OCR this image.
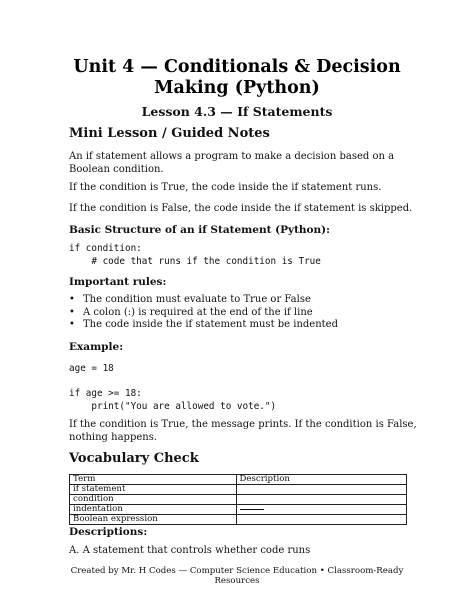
Unit 4 — Conditionals & Decision
Making (Python)
Lesson 4.3 — If Statements
Mini Lesson / Guided Notes
An if statement allows a program to make a decision based on a
Boolean condition.
If the condition is True, the code inside the if statement runs.
If the condition is False, the code inside the if statement is skipped.
Basic Structure of an if Statement (Python):
if condition:
# code that runs if the condition is True
Important rules:
• The condition must evaluate to True or False
• A colon (:) is required at the end of the if line
• The code inside the if statement must be indented
Example:
age = 18
if age >= 18:
print("You are allowed to vote.")
If the condition is True, the message prints. If the condition is False,
nothing happens.
Vocabulary Check
Term	Description
if statement	
condition	
indentation	
Boolean expression	
Descriptions:
A. A statement that controls whether code runs
Created by Mr. H Codes — Computer Science Education • Classroom-Ready
Resources
